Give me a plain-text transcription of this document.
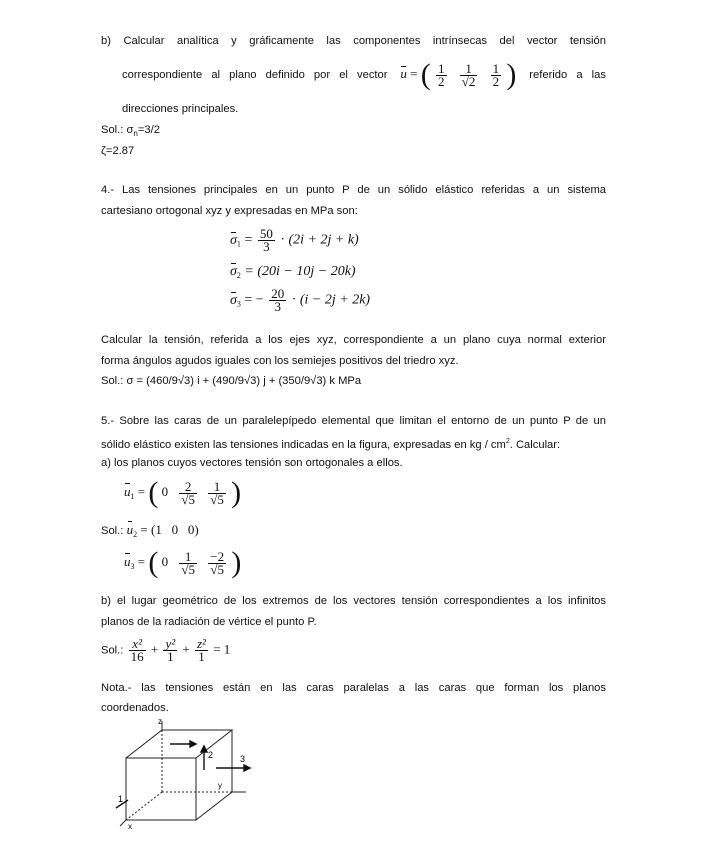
b) Calcular analítica y gráficamente las componentes intrínsecas del vector tensión
correspondiente al plano definido por el vector u = ( $\frac{1}{2}$
$\frac{1}{√2}$
$\frac{1}{2}$ ) referido a las
direcciones principales.
Sol.: $\sigma_n=3/2$
ζ=2.87
4.- Las tensiones principales en un punto P de un sólido elástico referidas a un sistema
cartesiano ortogonal xyz y expresadas en MPa son:
$\sigma_1 = \frac{50}{3} \cdot (2i + 2j + k)$
$\sigma_2 = (20i - 10j - 20k)$
$\sigma_3$ = − $\frac{20}{3} \cdot (i - 2j + 2k)$
Calcular la tensión, referida a los ejes xyz, correspondiente a un plano cuya normal exterior
forma ángulos agudos iguales con los semiejes positivos del triedro xyz.
Sol.: σ = (460/9√3) i + (490/9√3) j + (350/9√3) k MPa
5.- Sobre las caras de un paralelepípedo elemental que limitan el entorno de un punto P de un
sólido elástico existen las tensiones indicadas en la figura, expresadas en kg / $cm^2$. Calcular:
a) los planos cuyos vectores tensión son ortogonales a ellos.
$u_1$ = ( $0 \frac{2}{√5}$
$\frac{1}{√5}$ )
Sol.: $u_2 = (1$   0   0)
$u_3$ = ( $0 \frac{1}{√5}$
$\frac{-2}{√5}$ )
b) el lugar geométrico de los extremos de los vectores tensión correspondientes a los infinitos
planos de la radiación de vértice el punto P.
Sol.: $\frac{\text{x²}}{16} + \frac{\text{y²}}{1} + \frac{\text{z²}}{1} = 1$
Nota.- las tensiones están en las caras paralelas a las caras que forman los planos
coordenados.
z
y
x
2	3
1
